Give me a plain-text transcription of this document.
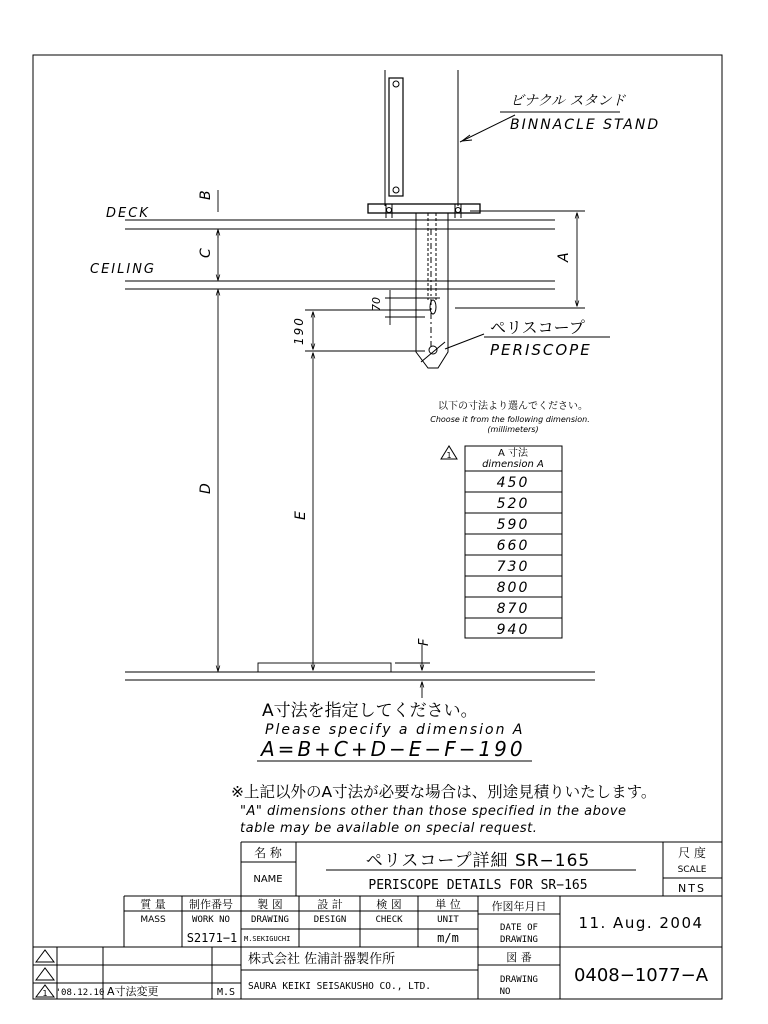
ビナクル スタンド
BINNACLE STAND
DECK
CEILING
ペリスコープ
PERISCOPE
A
B
C
D
E
F
70
190
以下の寸法より選んでください。
Choose it from the following dimension.
(millimeters)
1	A 寸法
dimension A
450
520
590
660
730
800
870
940
A寸法を指定してください。
Please specify a dimension A
A=B+C+D−E−F−190
※上記以外のA寸法が必要な場合は、別途見積りいたします。
"A" dimensions other than those specified in the above
table may be available on special request.
名 称
NAME
ペリスコープ詳細 SR−165
PERISCOPE DETAILS FOR SR−165
尺 度
SCALE
NTS
質 量
MASS
制作番号
WORK NO
S2171−1
製 図
DRAWING
M.SEKIGUCHI
設 計
DESIGN
検 図
CHECK
単 位
UNIT
m/m
作図年月日
DATE OF
DRAWING
11. Aug. 2004
株式会社 佐浦計器製作所
SAURA KEIKI SEISAKUSHO CO., LTD.
図 番
DRAWING
NO
0408−1077−A
1 '08.12.10 A寸法変更	M.S
